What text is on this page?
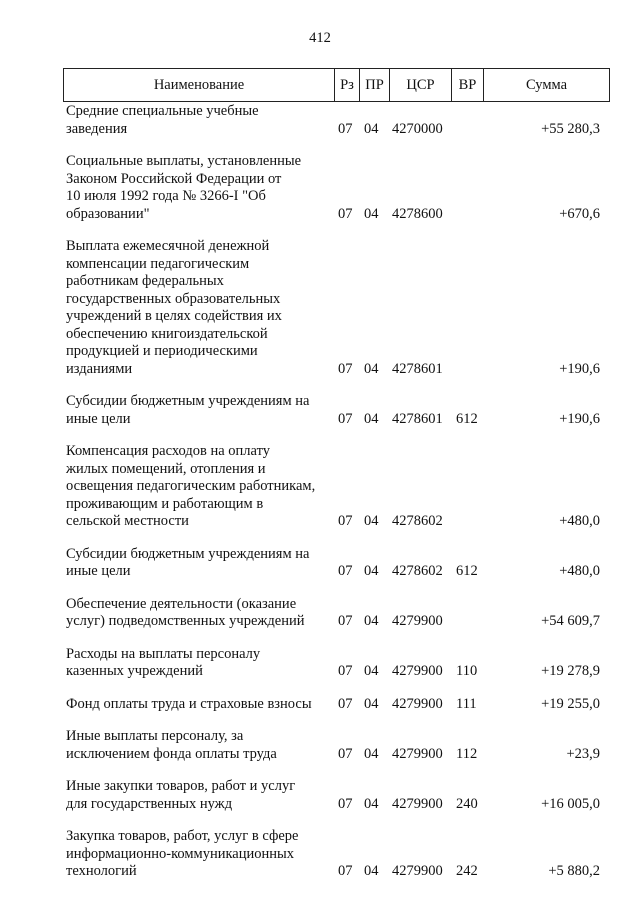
412
Наименование	Рз ПР	ЦСР	ВР	Сумма
Средние специальные учебные
заведения	07 04 4270000	+55 280,3
Социальные выплаты, установленные
Законом Российской Федерации от
10 июля 1992 года № 3266-I "Об
образовании"	07 04 4278600	+670,6
Выплата ежемесячной денежной
компенсации педагогическим
работникам федеральных
государственных образовательных
учреждений в целях содействия их
обеспечению книгоиздательской
продукцией и периодическими
изданиями	07 04 4278601	+190,6
Субсидии бюджетным учреждениям на
иные цели	07 04 4278601 612	+190,6
Компенсация расходов на оплату
жилых помещений, отопления и
освещения педагогическим работникам,
проживающим и работающим в
сельской местности	07 04 4278602	+480,0
Субсидии бюджетным учреждениям на
иные цели	07 04 4278602 612	+480,0
Обеспечение деятельности (оказание
услуг) подведомственных учреждений	07 04 4279900	+54 609,7
Расходы на выплаты персоналу
казенных учреждений	07 04 4279900 110	+19 278,9
Фонд оплаты труда и страховые взносы	07 04 4279900 111	+19 255,0
Иные выплаты персоналу, за
исключением фонда оплаты труда	07 04 4279900 112	+23,9
Иные закупки товаров, работ и услуг
для государственных нужд	07 04 4279900 240	+16 005,0
Закупка товаров, работ, услуг в сфере
информационно-коммуникационных
технологий	07 04 4279900 242	+5 880,2
